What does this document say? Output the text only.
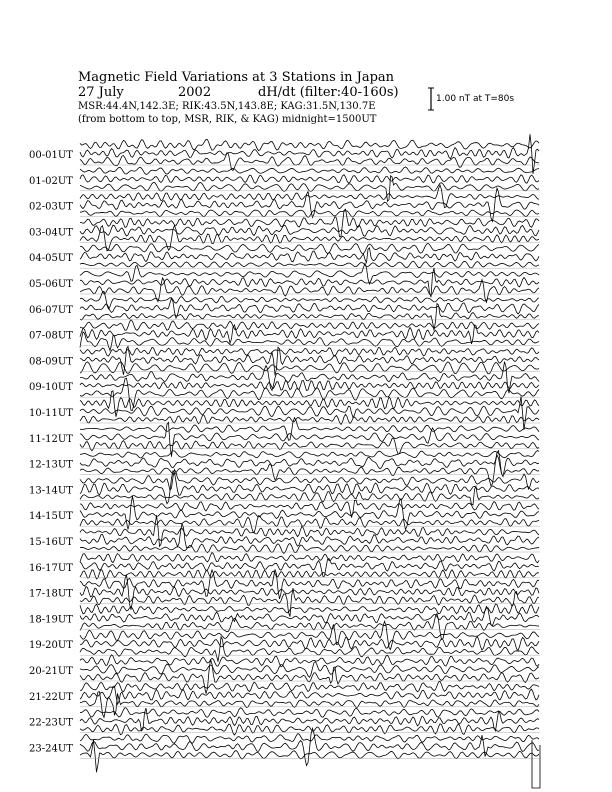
Magnetic Field Variations at 3 Stations in Japan
27 July	2002	dH/dt (filter:40-160s)
MSR:44.4N,142.3E; RIK:43.5N,143.8E; KAG:31.5N,130.7E
(from bottom to top, MSR, RIK, & KAG) midnight=1500UT
1.00 nT at T=80s
00-01UT
01-02UT
02-03UT
03-04UT
04-05UT
05-06UT
06-07UT
07-08UT
08-09UT
09-10UT
10-11UT
11-12UT
12-13UT
13-14UT
14-15UT
15-16UT
16-17UT
17-18UT
18-19UT
19-20UT
20-21UT
21-22UT
22-23UT
23-24UT
